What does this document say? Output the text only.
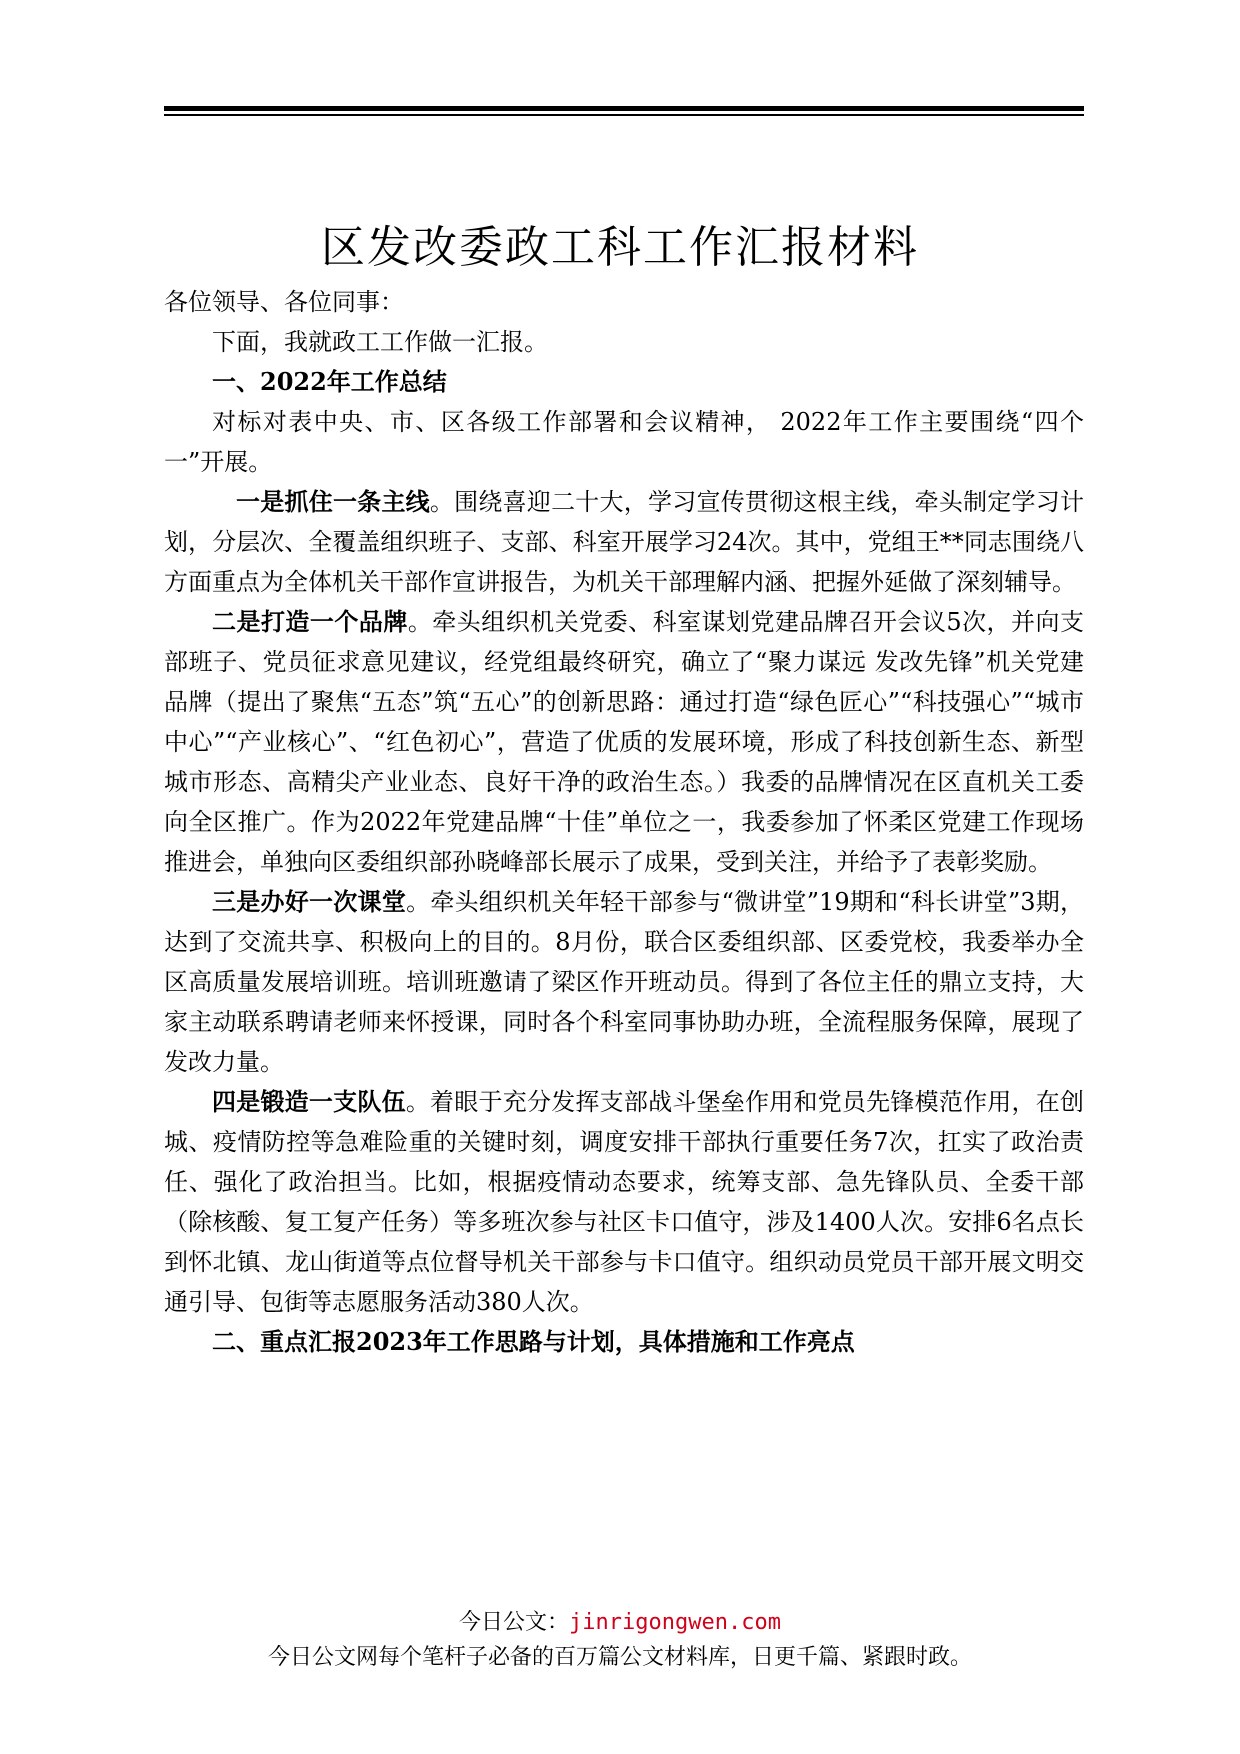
区发改委政工科工作汇报材料

各位领导、各位同事：

下面，我就政工工作做一汇报。

一、2022年工作总结

对标对表中央、市、区各级工作部署和会议精神， 2022年工作主要围绕“四个一”开展。

一是抓住一条主线。围绕喜迎二十大，学习宣传贯彻这根主线，牵头制定学习计划，分层次、全覆盖组织班子、支部、科室开展学习24次。其中，党组王**同志围绕八方面重点为全体机关干部作宣讲报告，为机关干部理解内涵、把握外延做了深刻辅导。

二是打造一个品牌。牵头组织机关党委、科室谋划党建品牌召开会议5次，并向支部班子、党员征求意见建议，经党组最终研究，确立了“聚力谋远 发改先锋”机关党建品牌（提出了聚焦“五态”筑“五心”的创新思路：通过打造“绿色匠心”“科技强心”“城市中心”“产业核心”、“红色初心”，营造了优质的发展环境，形成了科技创新生态、新型城市形态、高精尖产业业态、良好干净的政治生态。）我委的品牌情况在区直机关工委向全区推广。作为2022年党建品牌“十佳”单位之一，我委参加了怀柔区党建工作现场推进会，单独向区委组织部孙晓峰部长展示了成果，受到关注，并给予了表彰奖励。

三是办好一次课堂。牵头组织机关年轻干部参与“微讲堂”19期和“科长讲堂”3期，达到了交流共享、积极向上的目的。8月份，联合区委组织部、区委党校，我委举办全区高质量发展培训班。培训班邀请了梁区作开班动员。得到了各位主任的鼎立支持，大家主动联系聘请老师来怀授课，同时各个科室同事协助办班，全流程服务保障，展现了发改力量。

四是锻造一支队伍。着眼于充分发挥支部战斗堡垒作用和党员先锋模范作用，在创城、疫情防控等急难险重的关键时刻，调度安排干部执行重要任务7次，扛实了政治责任、强化了政治担当。比如，根据疫情动态要求，统筹支部、急先锋队员、全委干部（除核酸、复工复产任务）等多班次参与社区卡口值守，涉及1400人次。安排6名点长到怀北镇、龙山街道等点位督导机关干部参与卡口值守。组织动员党员干部开展文明交通引导、包街等志愿服务活动380人次。

二、重点汇报2023年工作思路与计划，具体措施和工作亮点

今日公文：jinrigongwen.com
今日公文网每个笔杆子必备的百万篇公文材料库，日更千篇、紧跟时政。
